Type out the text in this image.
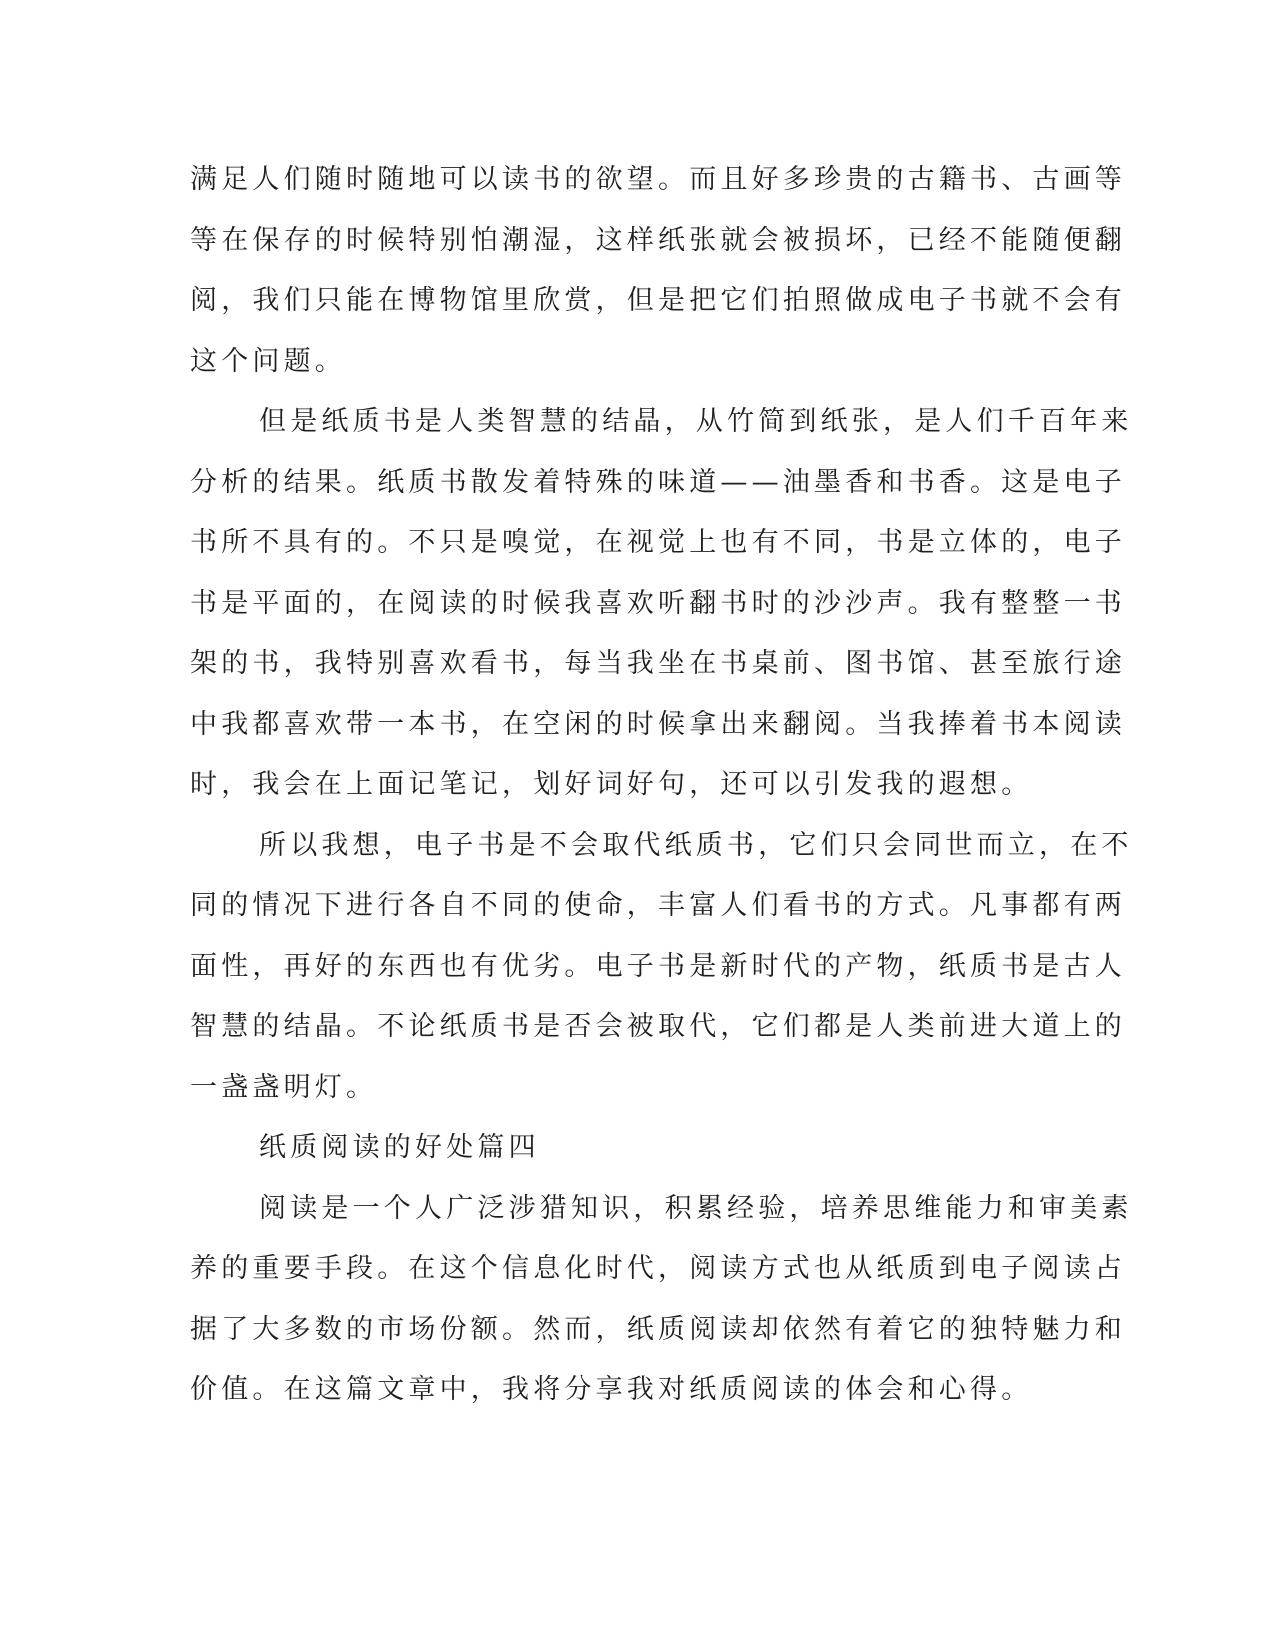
满足人们随时随地可以读书的欲望。而且好多珍贵的古籍书、古画等
等在保存的时候特别怕潮湿，这样纸张就会被损坏，已经不能随便翻
阅，我们只能在博物馆里欣赏，但是把它们拍照做成电子书就不会有
这个问题。
但是纸质书是人类智慧的结晶，从竹简到纸张，是人们千百年来
分析的结果。纸质书散发着特殊的味道——油墨香和书香。这是电子
书所不具有的。不只是嗅觉，在视觉上也有不同，书是立体的，电子
书是平面的，在阅读的时候我喜欢听翻书时的沙沙声。我有整整一书
架的书，我特别喜欢看书，每当我坐在书桌前、图书馆、甚至旅行途
中我都喜欢带一本书，在空闲的时候拿出来翻阅。当我捧着书本阅读
时，我会在上面记笔记，划好词好句，还可以引发我的遐想。
所以我想，电子书是不会取代纸质书，它们只会同世而立，在不
同的情况下进行各自不同的使命，丰富人们看书的方式。凡事都有两
面性，再好的东西也有优劣。电子书是新时代的产物，纸质书是古人
智慧的结晶。不论纸质书是否会被取代，它们都是人类前进大道上的
一盏盏明灯。
纸质阅读的好处篇四
阅读是一个人广泛涉猎知识，积累经验，培养思维能力和审美素
养的重要手段。在这个信息化时代，阅读方式也从纸质到电子阅读占
据了大多数的市场份额。然而，纸质阅读却依然有着它的独特魅力和
价值。在这篇文章中，我将分享我对纸质阅读的体会和心得。
